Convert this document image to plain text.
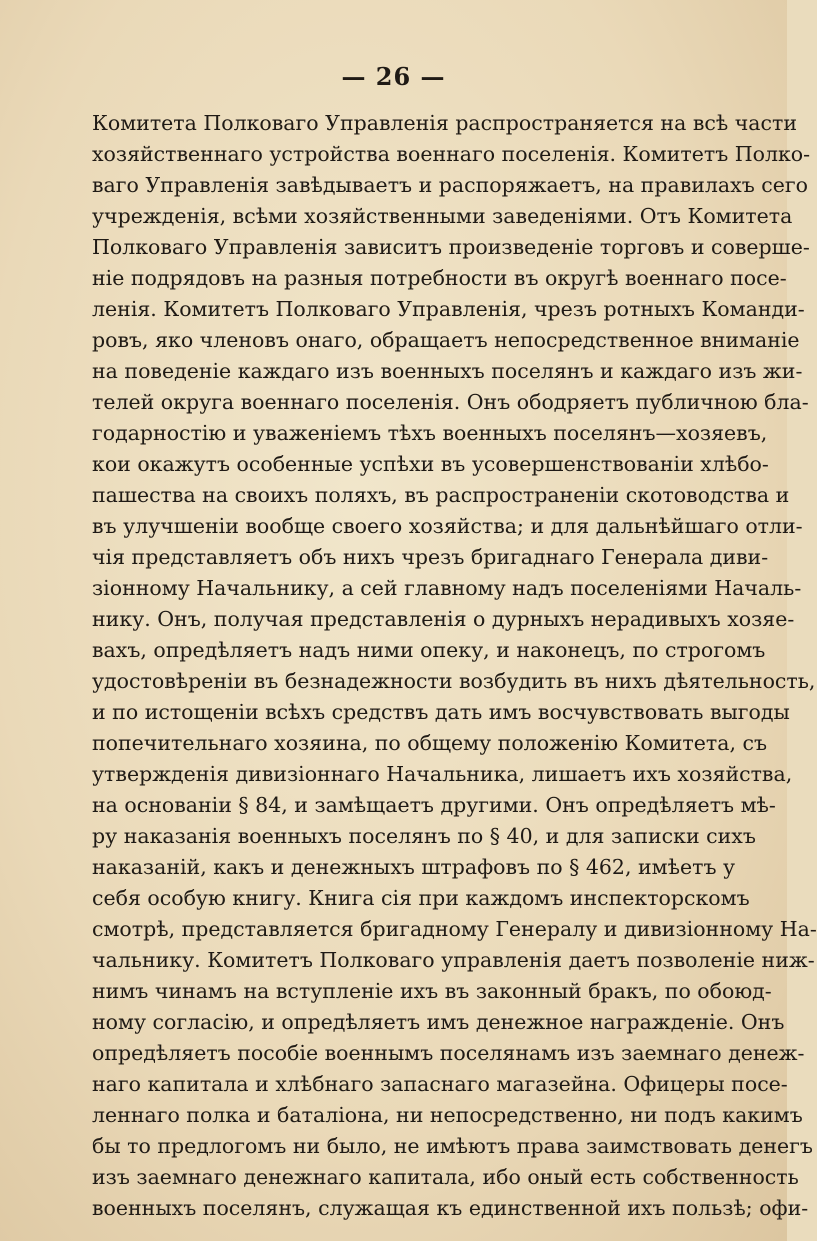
— 26 —
Комитета Полковаго Управленія распространяется на всѣ части
хозяйственнаго устройства военнаго поселенія. Комитетъ Полко-
ваго Управленія завѣдываетъ и распоряжаетъ, на правилахъ сего
учрежденія, всѣми хозяйственными заведеніями. Отъ Комитета
Полковаго Управленія зависитъ произведеніе торговъ и соверше-
ніе подрядовъ на разныя потребности въ округѣ военнаго посе-
ленія. Комитетъ Полковаго Управленія, чрезъ ротныхъ Команди-
ровъ, яко членовъ онаго, обращаетъ непосредственное вниманіе
на поведеніе каждаго изъ военныхъ поселянъ и каждаго изъ жи-
телей округа военнаго поселенія. Онъ ободряетъ публичною бла-
годарностію и уваженіемъ тѣхъ военныхъ поселянъ—хозяевъ,
кои окажутъ особенные успѣхи въ усовершенствованіи хлѣбо-
пашества на своихъ поляхъ, въ распространеніи скотоводства и
въ улучшеніи вообще своего хозяйства; и для дальнѣйшаго отли-
чія представляетъ объ нихъ чрезъ бригаднаго Генерала диви-
зіонному Начальнику, а сей главному надъ поселеніями Началь-
нику. Онъ, получая представленія о дурныхъ нерадивыхъ хозяе-
вахъ, опредѣляетъ надъ ними опеку, и наконецъ, по строгомъ
удостовѣреніи въ безнадежности возбудить въ нихъ дѣятельность,
и по истощеніи всѣхъ средствъ дать имъ восчувствовать выгоды
попечительнаго хозяина, по общему положенію Комитета, съ
утвержденія дивизіоннаго Начальника, лишаетъ ихъ хозяйства,
на основаніи § 84, и замѣщаетъ другими. Онъ опредѣляетъ мѣ-
ру наказанія военныхъ поселянъ по § 40, и для записки сихъ
наказаній, какъ и денежныхъ штрафовъ по § 462, имѣетъ у
себя особую книгу. Книга сія при каждомъ инспекторскомъ
смотрѣ, представляется бригадному Генералу и дивизіонному На-
чальнику. Комитетъ Полковаго управленія даетъ позволеніе ниж-
нимъ чинамъ на вступленіе ихъ въ законный бракъ, по обоюд-
ному согласію, и опредѣляетъ имъ денежное награжденіе. Онъ
опредѣляетъ пособіе военнымъ поселянамъ изъ заемнаго денеж-
наго капитала и хлѣбнаго запаснаго магазейна. Офицеры посе-
леннаго полка и баталіона, ни непосредственно, ни подъ какимъ
бы то предлогомъ ни было, не имѣютъ права заимствовать денегъ
изъ заемнаго денежнаго капитала, ибо оный есть собственность
военныхъ поселянъ, служащая къ единственной ихъ пользѣ; офи-
